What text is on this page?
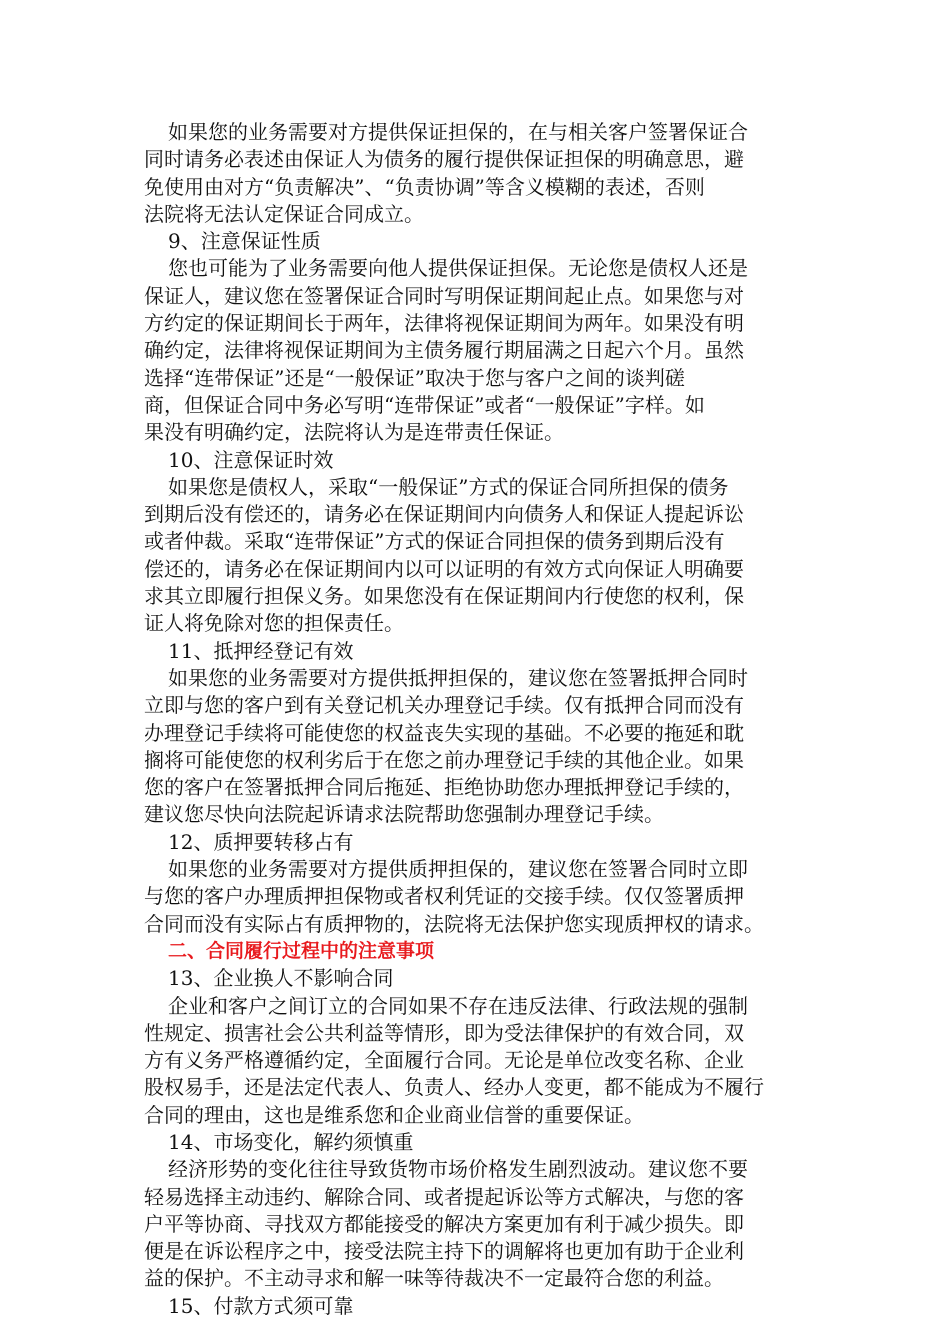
如果您的业务需要对方提供保证担保的，在与相关客户签署保证合
同时请务必表述由保证人为债务的履行提供保证担保的明确意思，避
免使用由对方“负责解决”、“负责协调”等含义模糊的表述，否则
法院将无法认定保证合同成立。
9、注意保证性质
您也可能为了业务需要向他人提供保证担保。无论您是债权人还是
保证人，建议您在签署保证合同时写明保证期间起止点。如果您与对
方约定的保证期间长于两年，法律将视保证期间为两年。如果没有明
确约定，法律将视保证期间为主债务履行期届满之日起六个月。虽然
选择“连带保证”还是“一般保证”取决于您与客户之间的谈判磋
商，但保证合同中务必写明“连带保证”或者“一般保证”字样。如
果没有明确约定，法院将认为是连带责任保证。
10、注意保证时效
如果您是债权人，采取“一般保证”方式的保证合同所担保的债务
到期后没有偿还的，请务必在保证期间内向债务人和保证人提起诉讼
或者仲裁。采取“连带保证”方式的保证合同担保的债务到期后没有
偿还的，请务必在保证期间内以可以证明的有效方式向保证人明确要
求其立即履行担保义务。如果您没有在保证期间内行使您的权利，保
证人将免除对您的担保责任。
11、抵押经登记有效
如果您的业务需要对方提供抵押担保的，建议您在签署抵押合同时
立即与您的客户到有关登记机关办理登记手续。仅有抵押合同而没有
办理登记手续将可能使您的权益丧失实现的基础。不必要的拖延和耽
搁将可能使您的权利劣后于在您之前办理登记手续的其他企业。如果
您的客户在签署抵押合同后拖延、拒绝协助您办理抵押登记手续的，
建议您尽快向法院起诉请求法院帮助您强制办理登记手续。
12、质押要转移占有
如果您的业务需要对方提供质押担保的，建议您在签署合同时立即
与您的客户办理质押担保物或者权利凭证的交接手续。仅仅签署质押
合同而没有实际占有质押物的，法院将无法保护您实现质押权的请求。
二、合同履行过程中的注意事项
13、企业换人不影响合同
企业和客户之间订立的合同如果不存在违反法律、行政法规的强制
性规定、损害社会公共利益等情形，即为受法律保护的有效合同，双
方有义务严格遵循约定，全面履行合同。无论是单位改变名称、企业
股权易手，还是法定代表人、负责人、经办人变更，都不能成为不履行
合同的理由，这也是维系您和企业商业信誉的重要保证。
14、市场变化，解约须慎重
经济形势的变化往往导致货物市场价格发生剧烈波动。建议您不要
轻易选择主动违约、解除合同、或者提起诉讼等方式解决，与您的客
户平等协商、寻找双方都能接受的解决方案更加有利于减少损失。即
便是在诉讼程序之中，接受法院主持下的调解将也更加有助于企业利
益的保护。不主动寻求和解一味等待裁决不一定最符合您的利益。
15、付款方式须可靠
